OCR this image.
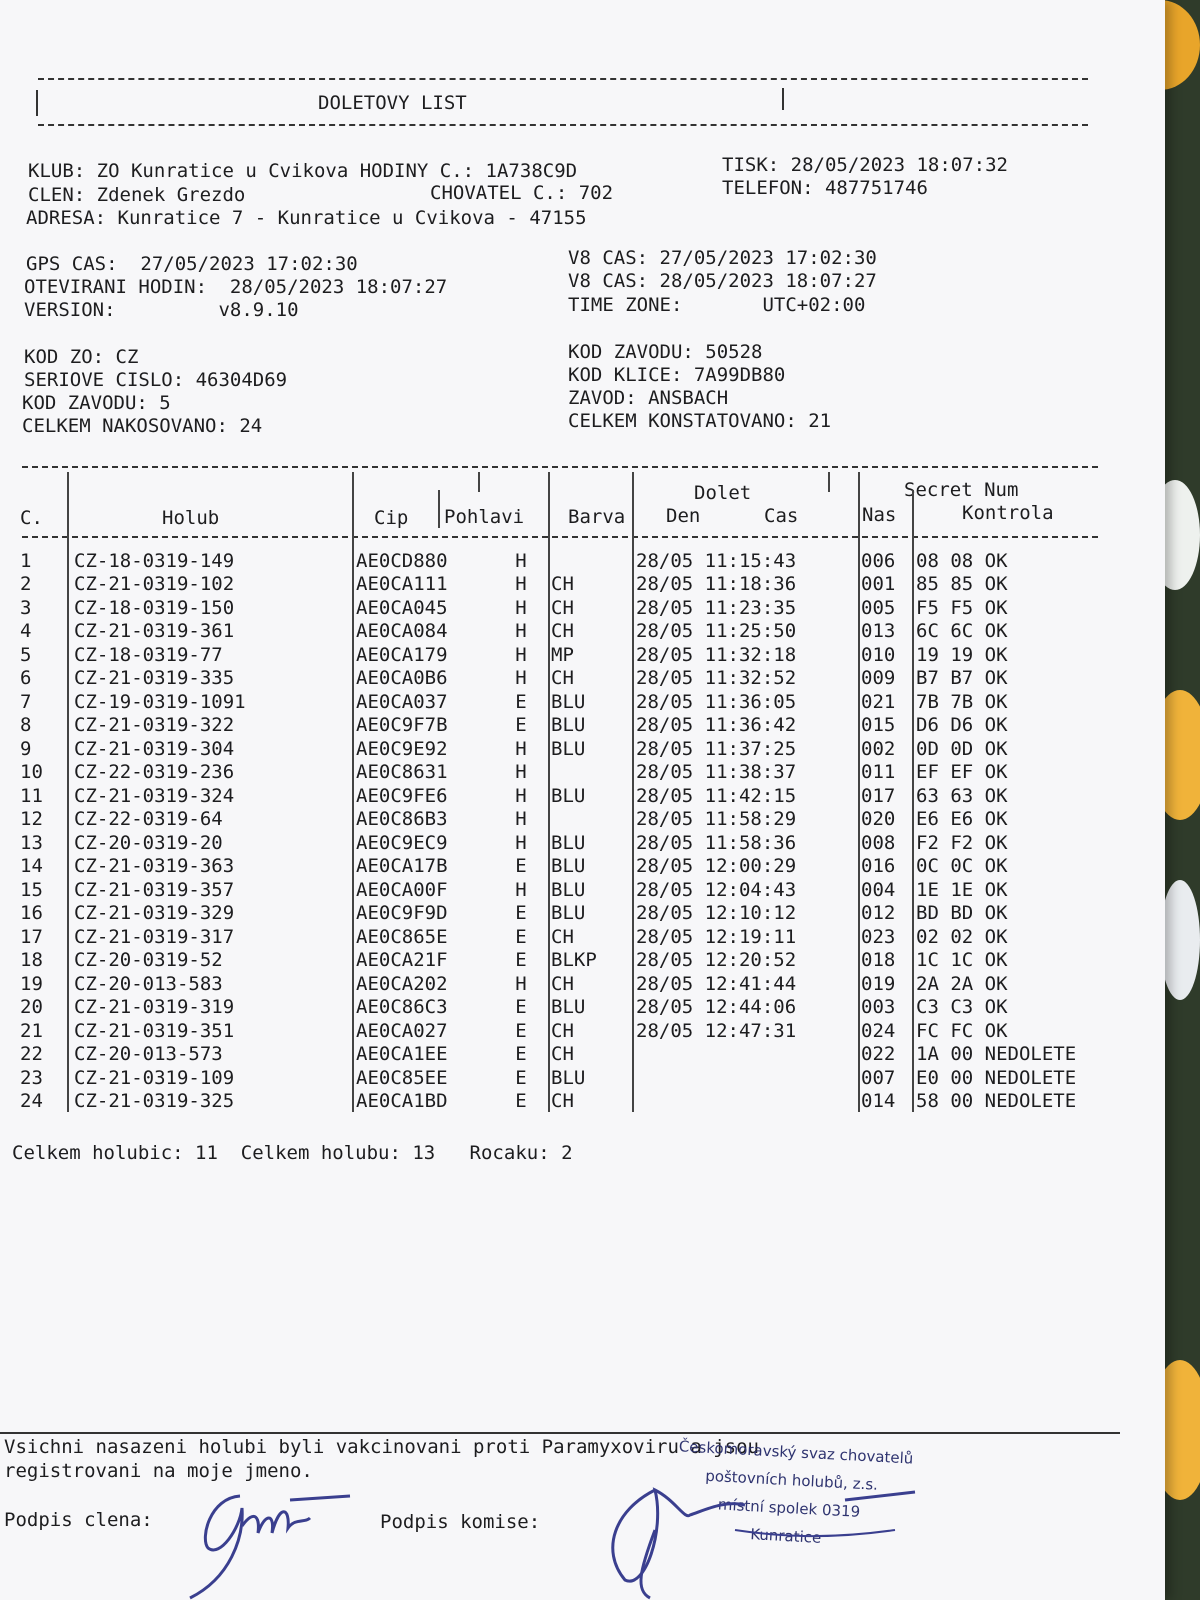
DOLETOVY LIST
KLUB: ZO Kunratice u Cvikova HODINY C.: 1A738C9D	TISK: 28/05/2023 18:07:32
CLEN: Zdenek Grezdo	CHOVATEL C.: 702	TELEFON: 487751746
ADRESA: Kunratice 7 - Kunratice u Cvikova - 47155
GPS CAS:  27/05/2023 17:02:30	V8 CAS: 27/05/2023 17:02:30
OTEVIRANI HODIN:  28/05/2023 18:07:27	V8 CAS: 28/05/2023 18:07:27
VERSION:         v8.9.10	TIME ZONE:       UTC+02:00
KOD ZO: CZ	KOD ZAVODU: 50528
SERIOVE CISLO: 46304D69	KOD KLICE: 7A99DB80
KOD ZAVODU: 5	ZAVOD: ANSBACH
CELKEM NAKOSOVANO: 24	CELKEM KONSTATOVANO: 21
C.	Holub	Cip Pohlavi Barva
Dolet
Den	Cas	Nas
Secret Num
Kontrola
1	CZ-18-0319-149	AE0CD880	H		28/05 11:15:43	006	08 08 OK
2	CZ-21-0319-102	AE0CA111	H	CH	28/05 11:18:36	001	85 85 OK
3	CZ-18-0319-150	AE0CA045	H	CH	28/05 11:23:35	005	F5 F5 OK
4	CZ-21-0319-361	AE0CA084	H	CH	28/05 11:25:50	013	6C 6C OK
5	CZ-18-0319-77	AE0CA179	H	MP	28/05 11:32:18	010	19 19 OK
6	CZ-21-0319-335	AE0CA0B6	H	CH	28/05 11:32:52	009	B7 B7 OK
7	CZ-19-0319-1091	AE0CA037	E	BLU	28/05 11:36:05	021	7B 7B OK
8	CZ-21-0319-322	AE0C9F7B	E	BLU	28/05 11:36:42	015	D6 D6 OK
9	CZ-21-0319-304	AE0C9E92	H	BLU	28/05 11:37:25	002	0D 0D OK
10	CZ-22-0319-236	AE0C8631	H		28/05 11:38:37	011	EF EF OK
11	CZ-21-0319-324	AE0C9FE6	H	BLU	28/05 11:42:15	017	63 63 OK
12	CZ-22-0319-64	AE0C86B3	H		28/05 11:58:29	020	E6 E6 OK
13	CZ-20-0319-20	AE0C9EC9	H	BLU	28/05 11:58:36	008	F2 F2 OK
14	CZ-21-0319-363	AE0CA17B	E	BLU	28/05 12:00:29	016	0C 0C OK
15	CZ-21-0319-357	AE0CA00F	H	BLU	28/05 12:04:43	004	1E 1E OK
16	CZ-21-0319-329	AE0C9F9D	E	BLU	28/05 12:10:12	012	BD BD OK
17	CZ-21-0319-317	AE0C865E	E	CH	28/05 12:19:11	023	02 02 OK
18	CZ-20-0319-52	AE0CA21F	E	BLKP	28/05 12:20:52	018	1C 1C OK
19	CZ-20-013-583	AE0CA202	H	CH	28/05 12:41:44	019	2A 2A OK
20	CZ-21-0319-319	AE0C86C3	E	BLU	28/05 12:44:06	003	C3 C3 OK
21	CZ-21-0319-351	AE0CA027	E	CH	28/05 12:47:31	024	FC FC OK
22	CZ-20-013-573	AE0CA1EE	E	CH		022	1A 00 NEDOLETE
23	CZ-21-0319-109	AE0C85EE	E	BLU		007	E0 00 NEDOLETE
24	CZ-21-0319-325	AE0CA1BD	E	CH		014	58 00 NEDOLETE
Celkem holubic: 11  Celkem holubu: 13   Rocaku: 2
Vsichni nasazeni holubi byli vakcinovani proti Paramyxoviru a jsou
registrovani na moje jmeno.
Podpis clena:	Podpis komise:
Českomoravský svaz chovatelů
poštovních holubů, z.s.
místní spolek 0319
Kunratice
